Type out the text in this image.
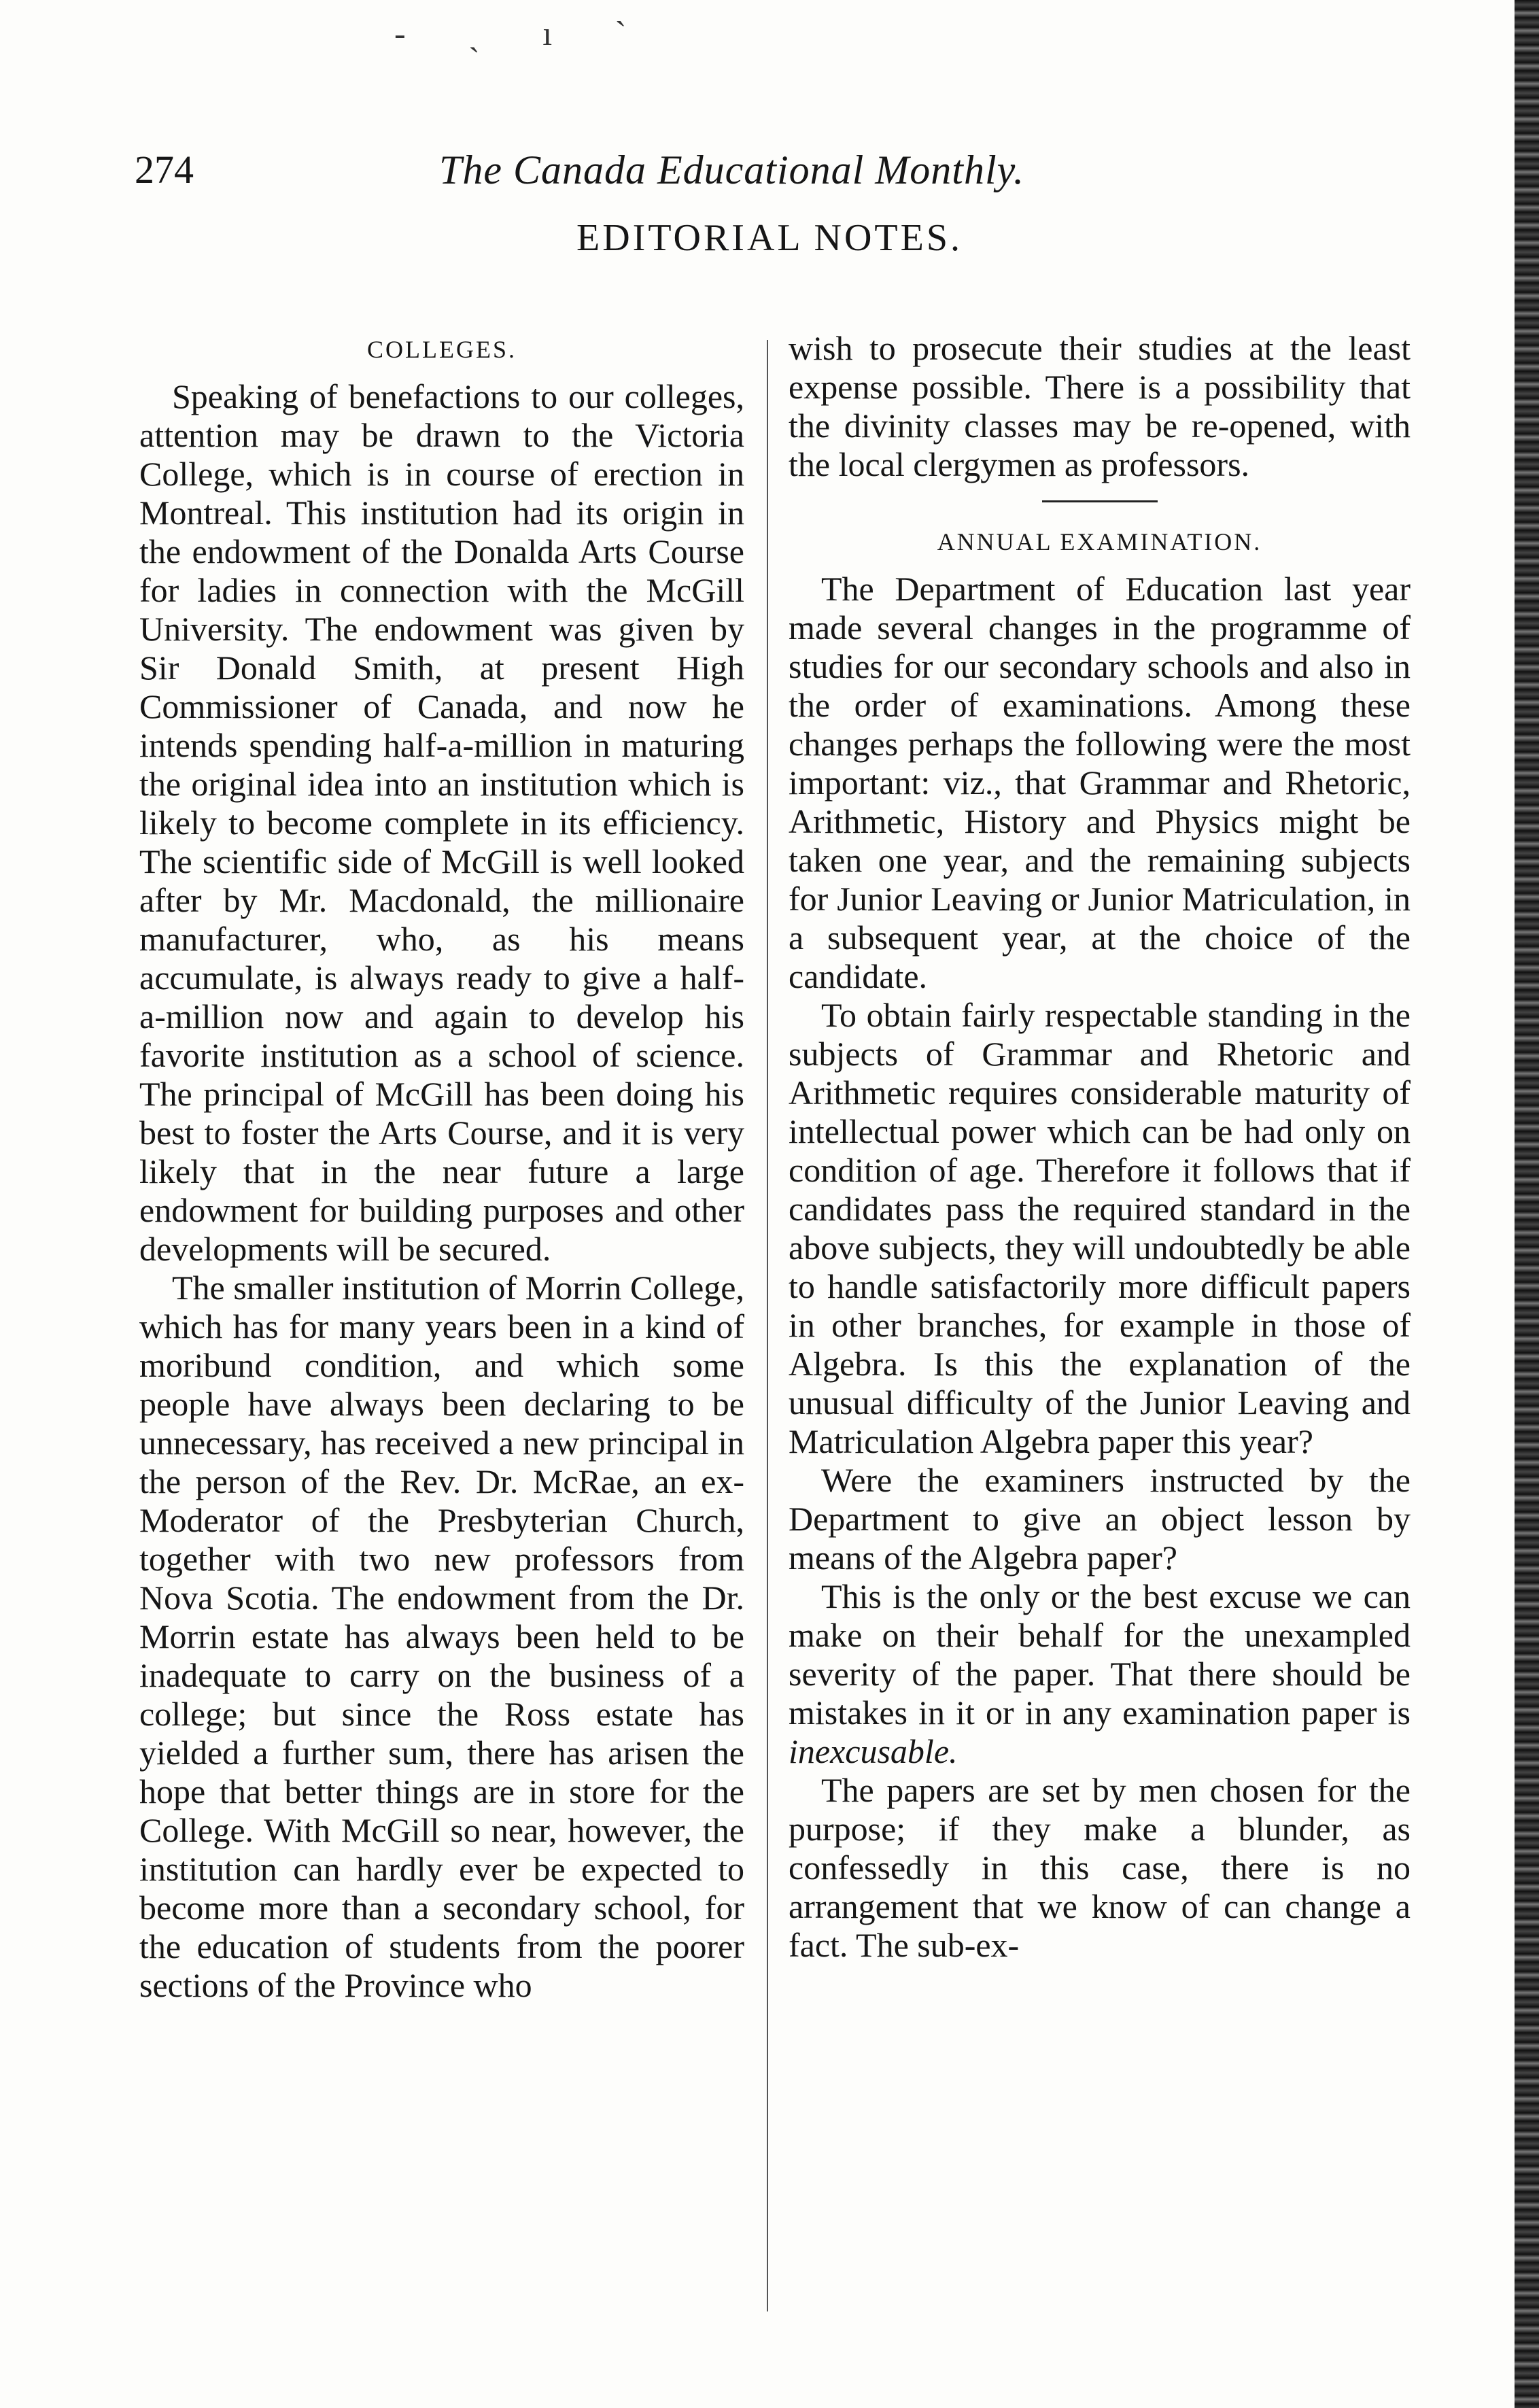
- ˎ ı ˋ
274	The Canada Educational Monthly.
EDITORIAL NOTES.
COLLEGES.

Speaking of benefactions to our colleges, attention may be drawn to the Victoria College, which is in course of erection in Montreal. This institution had its origin in the endowment of the Donalda Arts Course for ladies in connection with the McGill University. The endowment was given by Sir Donald Smith, at present High Commissioner of Canada, and now he intends spending half-a-million in maturing the original idea into an institution which is likely to become complete in its efficiency. The scientific side of McGill is well looked after by Mr. Macdonald, the millionaire manufacturer, who, as his means accumulate, is always ready to give a half-a-million now and again to develop his favorite institution as a school of science. The principal of McGill has been doing his best to foster the Arts Course, and it is very likely that in the near future a large endowment for building purposes and other developments will be secured.

The smaller institution of Morrin College, which has for many years been in a kind of moribund condition, and which some people have always been declaring to be unnecessary, has received a new principal in the person of the Rev. Dr. McRae, an ex-Moderator of the Presbyterian Church, together with two new professors from Nova Scotia. The endowment from the Dr. Morrin estate has always been held to be inadequate to carry on the business of a college; but since the Ross estate has yielded a further sum, there has arisen the hope that better things are in store for the College. With McGill so near, however, the institution can hardly ever be expected to become more than a secondary school, for the education of students from the poorer sections of the Province who

wish to prosecute their studies at the least expense possible. There is a possibility that the divinity classes may be re-opened, with the local clergymen as professors.

ANNUAL EXAMINATION.

The Department of Education last year made several changes in the programme of studies for our secondary schools and also in the order of examinations. Among these changes perhaps the following were the most important: viz., that Grammar and Rhetoric, Arithmetic, History and Physics might be taken one year, and the remaining subjects for Junior Leaving or Junior Matriculation, in a subsequent year, at the choice of the candidate.

To obtain fairly respectable standing in the subjects of Grammar and Rhetoric and Arithmetic requires considerable maturity of intellectual power which can be had only on condition of age. Therefore it follows that if candidates pass the required standard in the above subjects, they will undoubtedly be able to handle satisfactorily more difficult papers in other branches, for example in those of Algebra. Is this the explanation of the unusual difficulty of the Junior Leaving and Matriculation Algebra paper this year?

Were the examiners instructed by the Department to give an object lesson by means of the Algebra paper?

This is the only or the best excuse we can make on their behalf for the unexampled severity of the paper. That there should be mistakes in it or in any examination paper is inexcusable.

The papers are set by men chosen for the purpose; if they make a blunder, as confessedly in this case, there is no arrangement that we know of can change a fact. The sub-ex-
